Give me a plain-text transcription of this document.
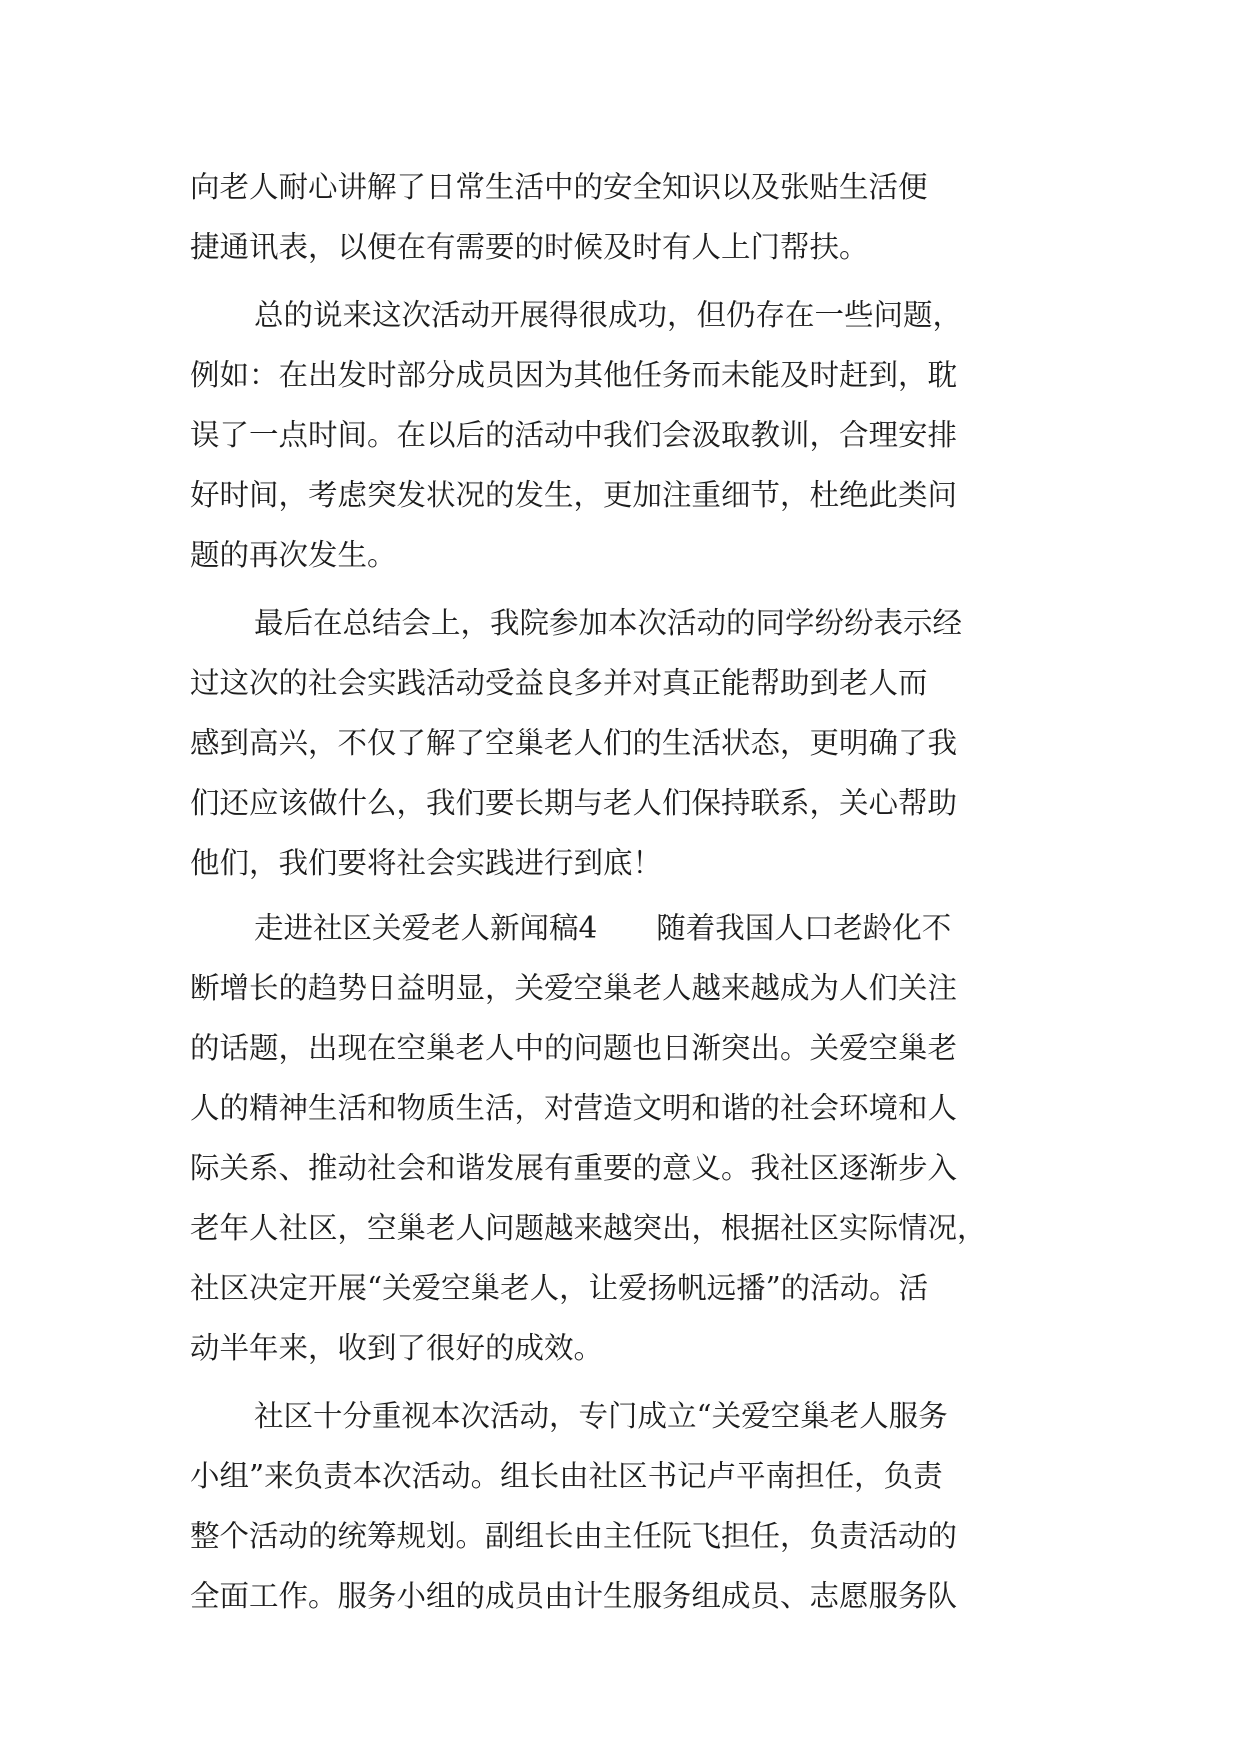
向老人耐心讲解了日常生活中的安全知识以及张贴生活便
捷通讯表，以便在有需要的时候及时有人上门帮扶。
总的说来这次活动开展得很成功，但仍存在一些问题，
例如：在出发时部分成员因为其他任务而未能及时赶到，耽
误了一点时间。在以后的活动中我们会汲取教训，合理安排
好时间，考虑突发状况的发生，更加注重细节，杜绝此类问
题的再次发生。
最后在总结会上，我院参加本次活动的同学纷纷表示经
过这次的社会实践活动受益良多并对真正能帮助到老人而
感到高兴，不仅了解了空巢老人们的生活状态，更明确了我
们还应该做什么，我们要长期与老人们保持联系，关心帮助
他们，我们要将社会实践进行到底！
走进社区关爱老人新闻稿4　　随着我国人口老龄化不
断增长的趋势日益明显，关爱空巢老人越来越成为人们关注
的话题，出现在空巢老人中的问题也日渐突出。关爱空巢老
人的精神生活和物质生活，对营造文明和谐的社会环境和人
际关系、推动社会和谐发展有重要的意义。我社区逐渐步入
老年人社区，空巢老人问题越来越突出，根据社区实际情况，
社区决定开展“关爱空巢老人，让爱扬帆远播”的活动。活
动半年来，收到了很好的成效。
社区十分重视本次活动，专门成立“关爱空巢老人服务
小组”来负责本次活动。组长由社区书记卢平南担任，负责
整个活动的统筹规划。副组长由主任阮飞担任，负责活动的
全面工作。服务小组的成员由计生服务组成员、志愿服务队
